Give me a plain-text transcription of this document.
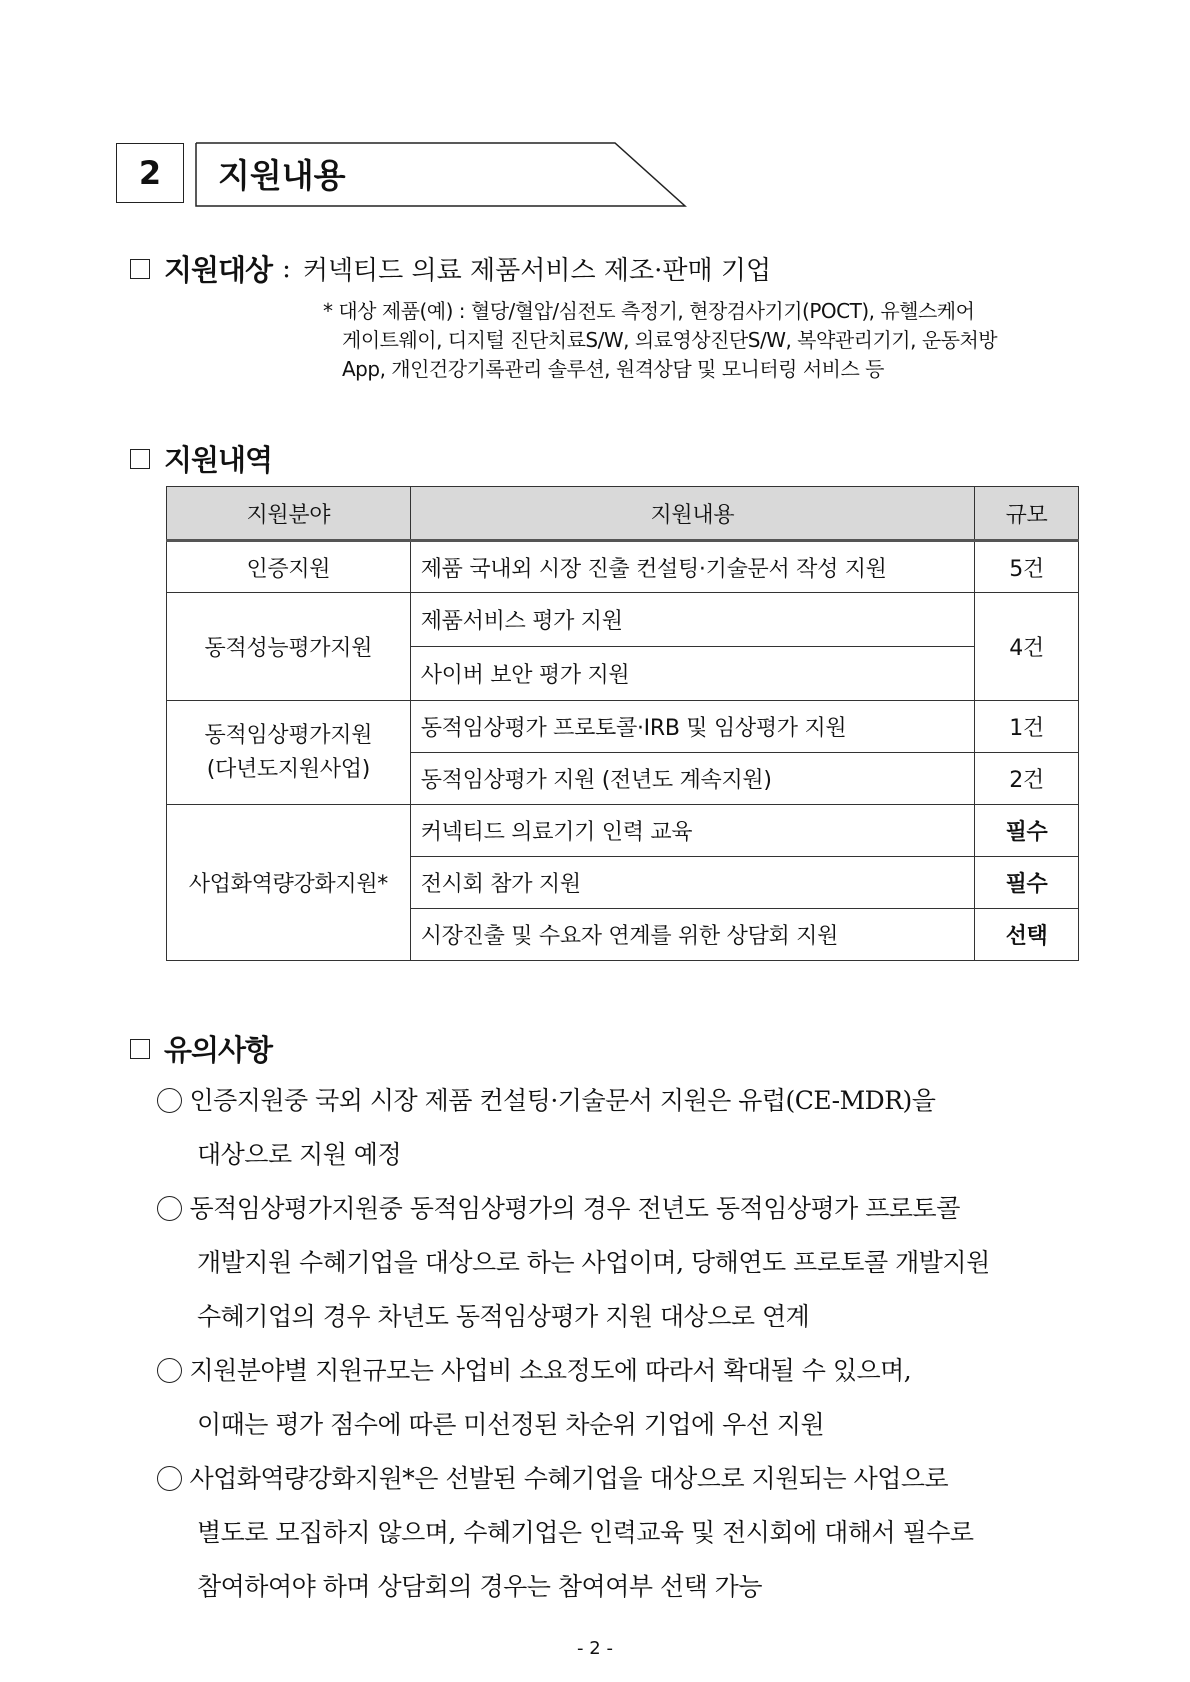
2	지원내용
지원대상 : 커넥티드 의료 제품서비스 제조·판매 기업
* 대상 제품(예) : 혈당/혈압/심전도 측정기, 현장검사기기(POCT), 유헬스케어
게이트웨이, 디지털 진단치료S/W, 의료영상진단S/W, 복약관리기기, 운동처방
App, 개인건강기록관리 솔루션, 원격상담 및 모니터링 서비스 등
지원내역
지원분야	지원내용	규모
인증지원	제품 국내외 시장 진출 컨설팅·기술문서 작성 지원	5건
동적성능평가지원	제품서비스 평가 지원	4건
	사이버 보안 평가 지원	

동적임상평가지원
(다년도지원사업)	동적임상평가 프로토콜·IRB 및 임상평가 지원	1건
	동적임상평가 지원 (전년도 계속지원)	2건
사업화역량강화지원*	커넥티드 의료기기 인력 교육	필수
	전시회 참가 지원	필수
	시장진출 및 수요자 연계를 위한 상담회 지원	선택
유의사항
인증지원중 국외 시장 제품 컨설팅·기술문서 지원은 유럽(CE-MDR)을
대상으로 지원 예정
동적임상평가지원중 동적임상평가의 경우 전년도 동적임상평가 프로토콜
개발지원 수혜기업을 대상으로 하는 사업이며, 당해연도 프로토콜 개발지원
수혜기업의 경우 차년도 동적임상평가 지원 대상으로 연계
지원분야별 지원규모는 사업비 소요정도에 따라서 확대될 수 있으며,
이때는 평가 점수에 따른 미선정된 차순위 기업에 우선 지원
사업화역량강화지원*은 선발된 수혜기업을 대상으로 지원되는 사업으로
별도로 모집하지 않으며, 수혜기업은 인력교육 및 전시회에 대해서 필수로
참여하여야 하며 상담회의 경우는 참여여부 선택 가능
- 2 -
